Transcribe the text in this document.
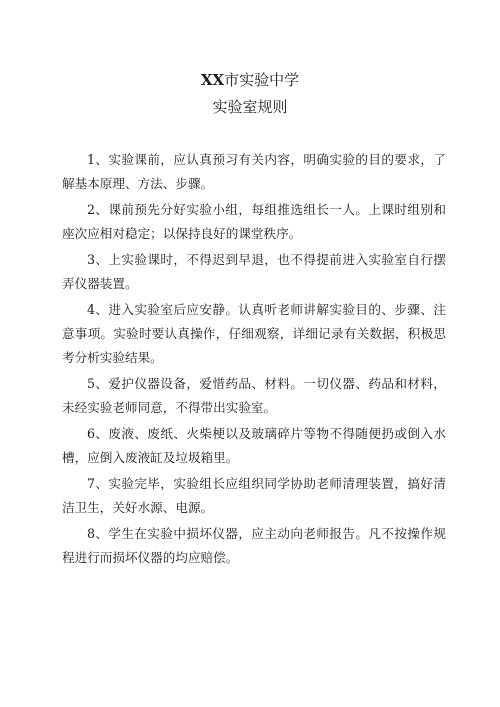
XX市实验中学
实验室规则

1、实验课前，应认真预习有关内容，明确实验的目的要求，了解基本原理、方法、步骤。

2、课前预先分好实验小组，每组推选组长一人。上课时组别和座次应相对稳定；以保持良好的课堂秩序。

3、上实验课时，不得迟到早退，也不得提前进入实验室自行摆弄仪器装置。

4、进入实验室后应安静。认真听老师讲解实验目的、步骤、注意事项。实验时要认真操作，仔细观察，详细记录有关数据，积极思考分析实验结果。

5、爱护仪器设备，爱惜药品、材料。一切仪器、药品和材料，未经实验老师同意，不得带出实验室。

6、废液、废纸、火柴梗以及玻璃碎片等物不得随便扔或倒入水槽，应倒入废液缸及垃圾箱里。

7、实验完毕，实验组长应组织同学协助老师清理装置，搞好清洁卫生，关好水源、电源。

8、学生在实验中损坏仪器，应主动向老师报告。凡不按操作规程进行而损坏仪器的均应赔偿。
